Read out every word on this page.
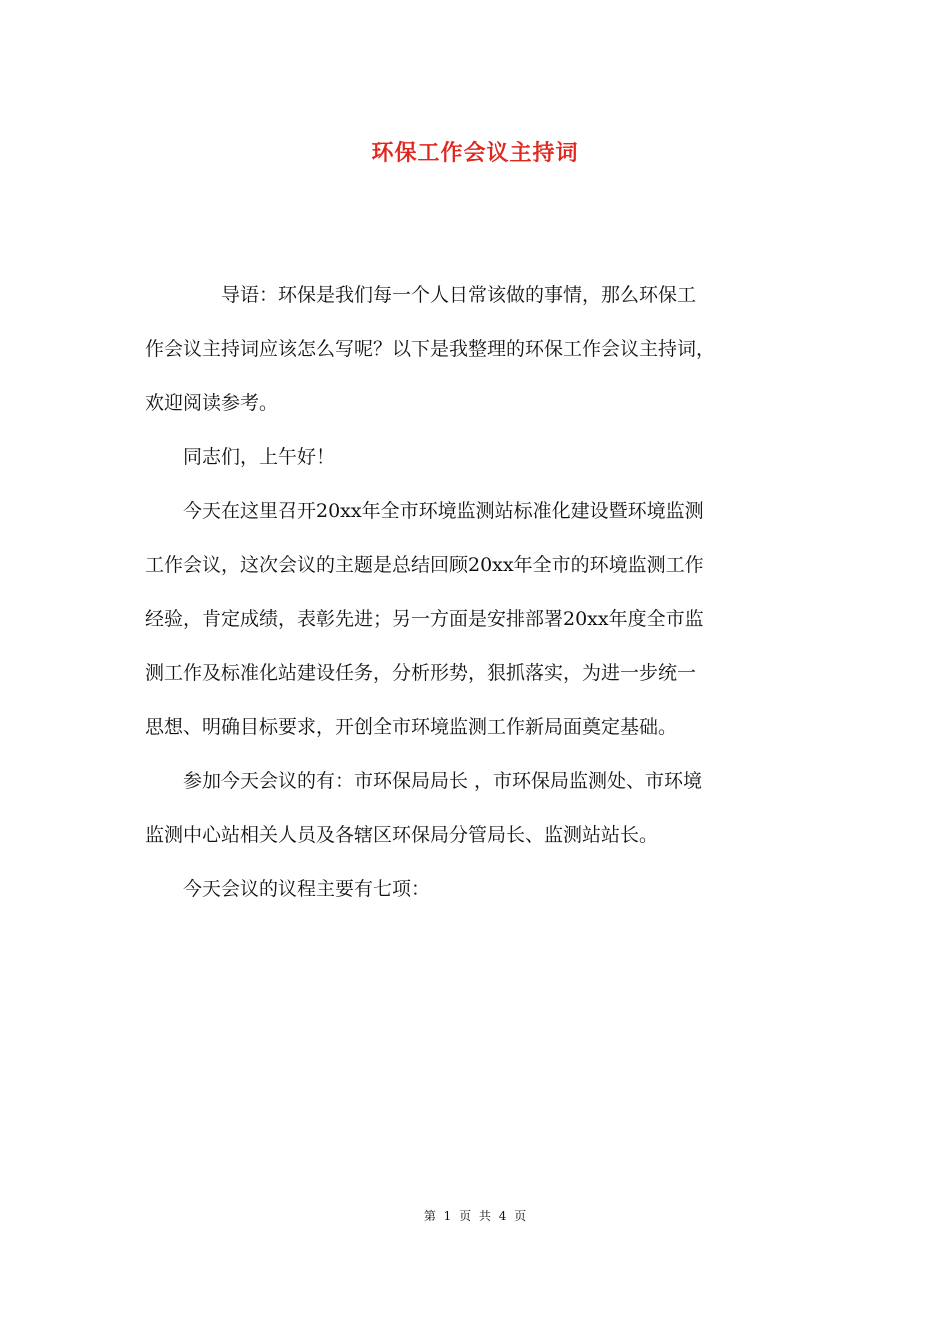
环保工作会议主持词
　　　　导语：环保是我们每一个人日常该做的事情，那么环保工
作会议主持词应该怎么写呢？以下是我整理的环保工作会议主持词，
欢迎阅读参考。
　　同志们，上午好！
　　今天在这里召开20xx年全市环境监测站标准化建设暨环境监测
工作会议，这次会议的主题是总结回顾20xx年全市的环境监测工作
经验，肯定成绩，表彰先进；另一方面是安排部署20xx年度全市监
测工作及标准化站建设任务，分析形势，狠抓落实，为进一步统一
思想、明确目标要求，开创全市环境监测工作新局面奠定基础。
　　参加今天会议的有：市环保局局长 ，市环保局监测处、市环境
监测中心站相关人员及各辖区环保局分管局长、监测站站长。
　　今天会议的议程主要有七项：
第 1 页 共 4 页
